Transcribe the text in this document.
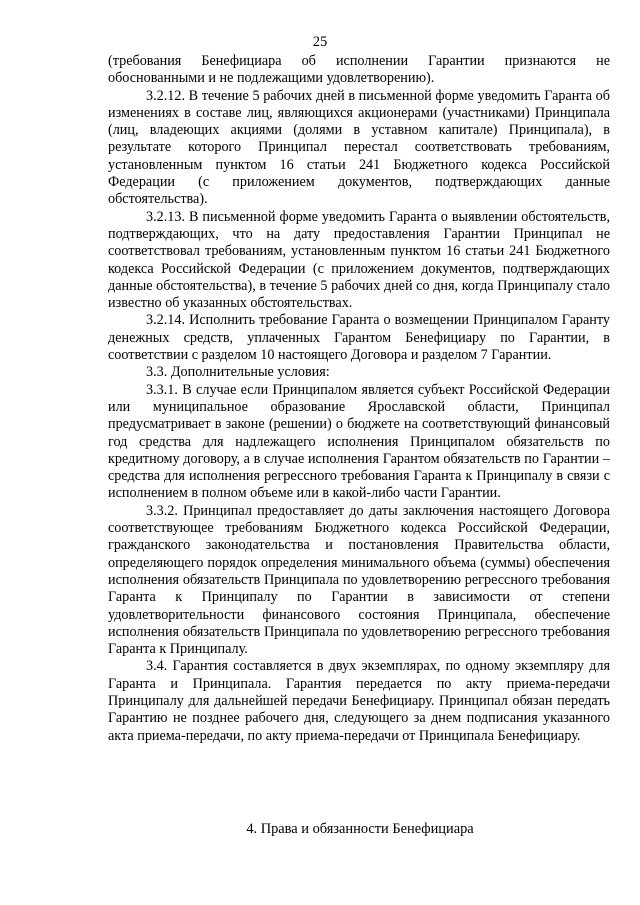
25

(требования Бенефициара об исполнении Гарантии признаются не обоснованными и не подлежащими удовлетворению).

3.2.12. В течение 5 рабочих дней в письменной форме уведомить Гаранта об изменениях в составе лиц, являющихся акционерами (участниками) Принципала (лиц, владеющих акциями (долями в уставном капитале) Принципала), в результате которого Принципал перестал соответствовать требованиям, установленным пунктом 16 статьи 241 Бюджетного кодекса Российской Федерации (с приложением документов, подтверждающих данные обстоятельства).

3.2.13. В письменной форме уведомить Гаранта о выявлении обстоятельств, подтверждающих, что на дату предоставления Гарантии Принципал не соответствовал требованиям, установленным пунктом 16 статьи 241 Бюджетного кодекса Российской Федерации (с приложением документов, подтверждающих данные обстоятельства), в течение 5 рабочих дней со дня, когда Принципалу стало известно об указанных обстоятельствах.

3.2.14. Исполнить требование Гаранта о возмещении Принципалом Гаранту денежных средств, уплаченных Гарантом Бенефициару по Гарантии, в соответствии с разделом 10 настоящего Договора и разделом 7 Гарантии.

3.3. Дополнительные условия:

3.3.1. В случае если Принципалом является субъект Российской Федерации или муниципальное образование Ярославской области, Принципал предусматривает в законе (решении) о бюджете на соответствующий финансовый год средства для надлежащего исполнения Принципалом обязательств по кредитному договору, а в случае исполнения Гарантом обязательств по Гарантии – средства для исполнения регрессного требования Гаранта к Принципалу в связи с исполнением в полном объеме или в какой-либо части Гарантии.

3.3.2. Принципал предоставляет до даты заключения настоящего Договора соответствующее требованиям Бюджетного кодекса Российской Федерации, гражданского законодательства и постановления Правительства области, определяющего порядок определения минимального объема (суммы) обеспечения исполнения обязательств Принципала по удовлетворению регрессного требования Гаранта к Принципалу по Гарантии в зависимости от степени удовлетворительности финансового состояния Принципала, обеспечение исполнения обязательств Принципала по удовлетворению регрессного требования Гаранта к Принципалу.

3.4. Гарантия составляется в двух экземплярах, по одному экземпляру для Гаранта и Принципала. Гарантия передается по акту приема-передачи Принципалу для дальнейшей передачи Бенефициару. Принципал обязан передать Гарантию не позднее рабочего дня, следующего за днем подписания указанного акта приема-передачи, по акту приема-передачи от Принципала Бенефициару.

4. Права и обязанности Бенефициара
